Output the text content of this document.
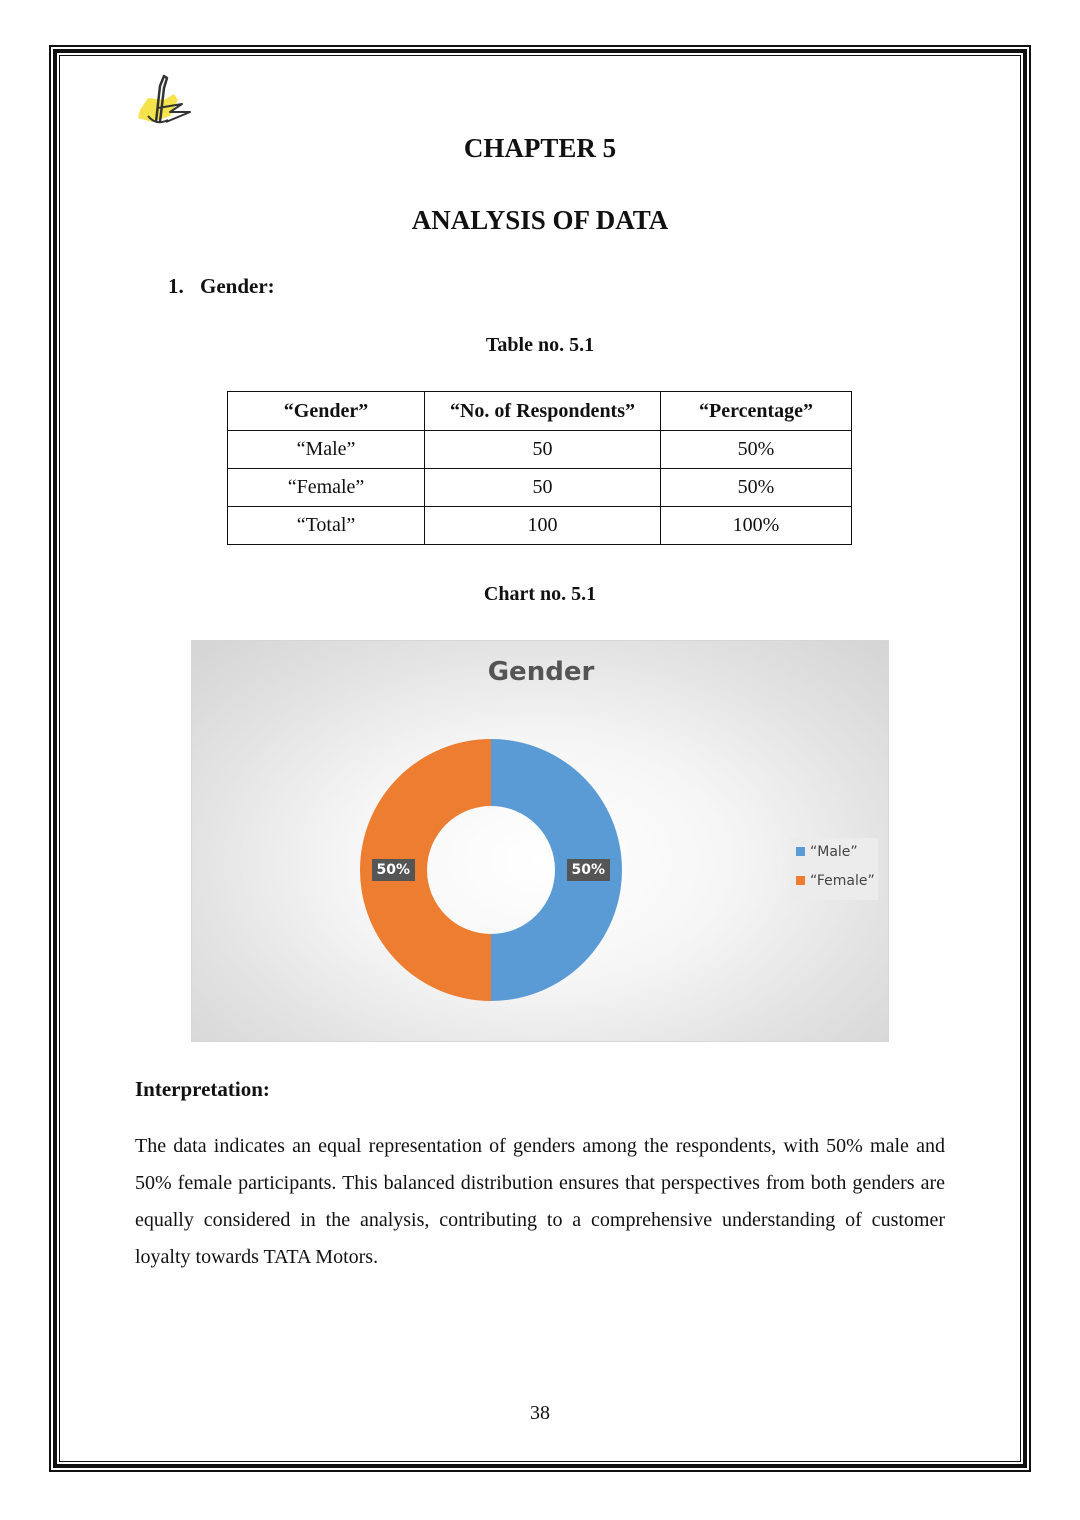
CHAPTER 5
ANALYSIS OF DATA
1. Gender:
Table no. 5.1
“Gender”	“No. of Respondents”	“Percentage”
“Male”	50	50%
“Female”	50	50%
“Total”	100	100%
Chart no. 5.1
Gender
“Male”
“Female”
50%
50%
Interpretation:
The data indicates an equal representation of genders among the respondents, with 50% male and 50% female participants. This balanced distribution ensures that perspectives from both genders are equally considered in the analysis, contributing to a comprehensive understanding of customer loyalty towards TATA Motors.
38
